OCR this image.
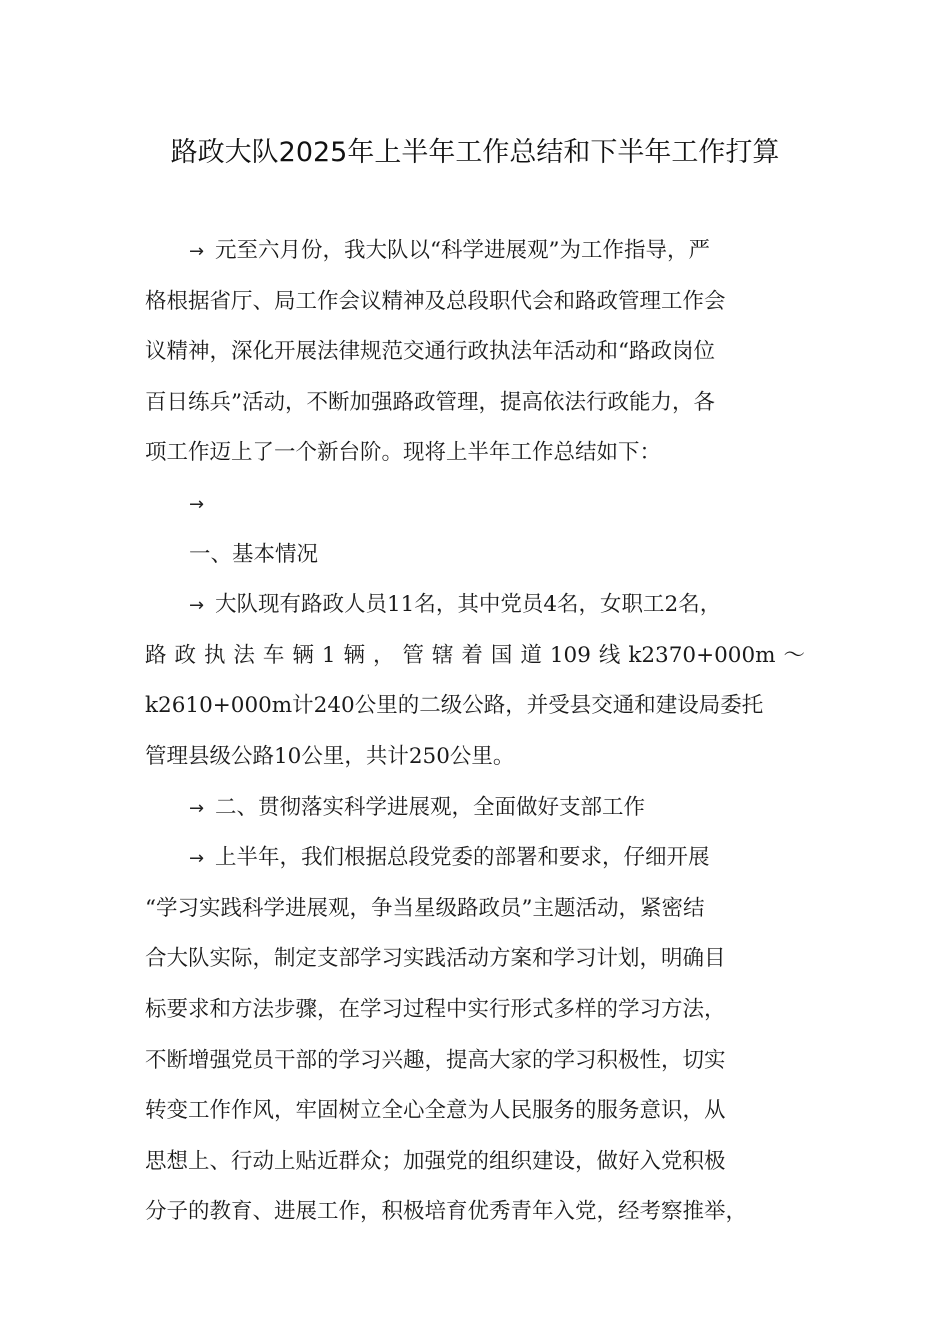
路政大队2025年上半年工作总结和下半年工作打算
→ 元至六月份，我大队以“科学进展观”为工作指导，严
格根据省厅、局工作会议精神及总段职代会和路政管理工作会
议精神，深化开展法律规范交通行政执法年活动和“路政岗位
百日练兵”活动，不断加强路政管理，提高依法行政能力，各
项工作迈上了一个新台阶。现将上半年工作总结如下：
→
一、基本情况
→ 大队现有路政人员11名，其中党员4名，女职工2名，
路政执法车辆1辆，管辖着国道109线k2370+000m～
k2610+000m计240公里的二级公路，并受县交通和建设局委托
管理县级公路10公里，共计250公里。
→ 二、贯彻落实科学进展观，全面做好支部工作
→ 上半年，我们根据总段党委的部署和要求，仔细开展
“学习实践科学进展观，争当星级路政员”主题活动，紧密结
合大队实际，制定支部学习实践活动方案和学习计划，明确目
标要求和方法步骤，在学习过程中实行形式多样的学习方法，
不断增强党员干部的学习兴趣，提高大家的学习积极性，切实
转变工作作风，牢固树立全心全意为人民服务的服务意识，从
思想上、行动上贴近群众；加强党的组织建设，做好入党积极
分子的教育、进展工作，积极培育优秀青年入党，经考察推举，
